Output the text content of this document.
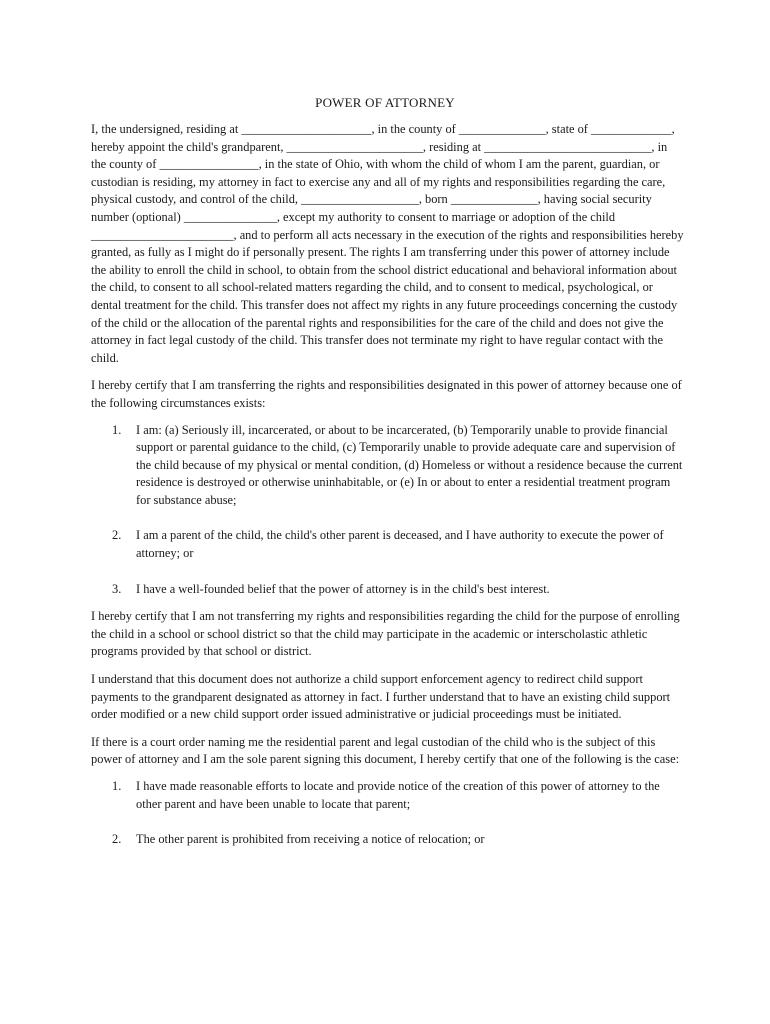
POWER OF ATTORNEY

I, the undersigned, residing at _____________________, in the county of ______________, state of _____________, hereby appoint the child's grandparent, ______________________, residing at ___________________________, in the county of ________________, in the state of Ohio, with whom the child of whom I am the parent, guardian, or custodian is residing, my attorney in fact to exercise any and all of my rights and responsibilities regarding the care, physical custody, and control of the child, ___________________, born ______________, having social security number (optional) _______________, except my authority to consent to marriage or adoption of the child _______________________, and to perform all acts necessary in the execution of the rights and responsibilities hereby granted, as fully as I might do if personally present. The rights I am transferring under this power of attorney include the ability to enroll the child in school, to obtain from the school district educational and behavioral information about the child, to consent to all school-related matters regarding the child, and to consent to medical, psychological, or dental treatment for the child. This transfer does not affect my rights in any future proceedings concerning the custody of the child or the allocation of the parental rights and responsibilities for the care of the child and does not give the attorney in fact legal custody of the child. This transfer does not terminate my right to have regular contact with the child.

I hereby certify that I am transferring the rights and responsibilities designated in this power of attorney because one of the following circumstances exists:

1. I am: (a) Seriously ill, incarcerated, or about to be incarcerated, (b) Temporarily unable to provide financial support or parental guidance to the child, (c) Temporarily unable to provide adequate care and supervision of the child because of my physical or mental condition, (d) Homeless or without a residence because the current residence is destroyed or otherwise uninhabitable, or (e) In or about to enter a residential treatment program for substance abuse;
2. I am a parent of the child, the child's other parent is deceased, and I have authority to execute the power of attorney; or
3. I have a well-founded belief that the power of attorney is in the child's best interest.

I hereby certify that I am not transferring my rights and responsibilities regarding the child for the purpose of enrolling the child in a school or school district so that the child may participate in the academic or interscholastic athletic programs provided by that school or district.

I understand that this document does not authorize a child support enforcement agency to redirect child support payments to the grandparent designated as attorney in fact. I further understand that to have an existing child support order modified or a new child support order issued administrative or judicial proceedings must be initiated.

If there is a court order naming me the residential parent and legal custodian of the child who is the subject of this power of attorney and I am the sole parent signing this document, I hereby certify that one of the following is the case:

1. I have made reasonable efforts to locate and provide notice of the creation of this power of attorney to the other parent and have been unable to locate that parent;
2. The other parent is prohibited from receiving a notice of relocation; or
